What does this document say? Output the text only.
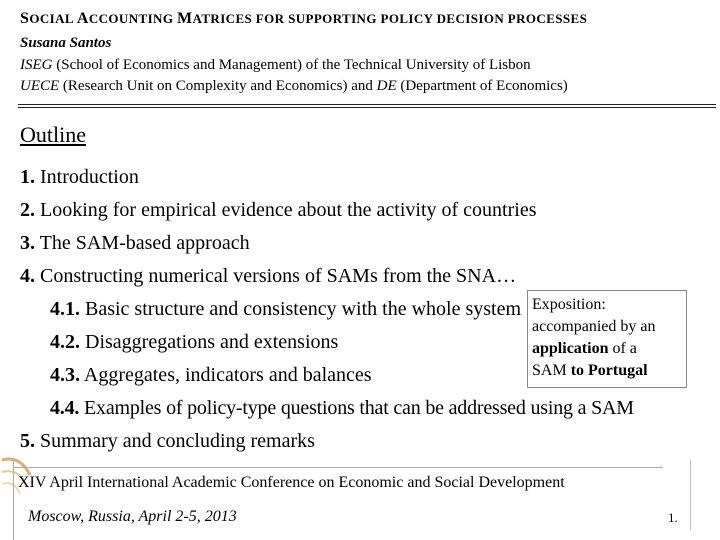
SOCIAL ACCOUNTING MATRICES FOR SUPPORTING POLICY DECISION PROCESSES
Susana Santos
ISEG (School of Economics and Management) of the Technical University of Lisbon
UECE (Research Unit on Complexity and Economics) and DE (Department of Economics)
Outline
1. Introduction
2. Looking for empirical evidence about the activity of countries
3. The SAM-based approach
4. Constructing numerical versions of SAMs from the SNA…
4.1. Basic structure and consistency with the whole system
4.2. Disaggregations and extensions
4.3. Aggregates, indicators and balances
4.4. Examples of policy-type questions that can be addressed using a SAM
5. Summary and concluding remarks
Exposition:
accompanied by an
application of a
SAM to Portugal
XIV April International Academic Conference on Economic and Social Development
Moscow, Russia, April 2-5, 2013	1.
